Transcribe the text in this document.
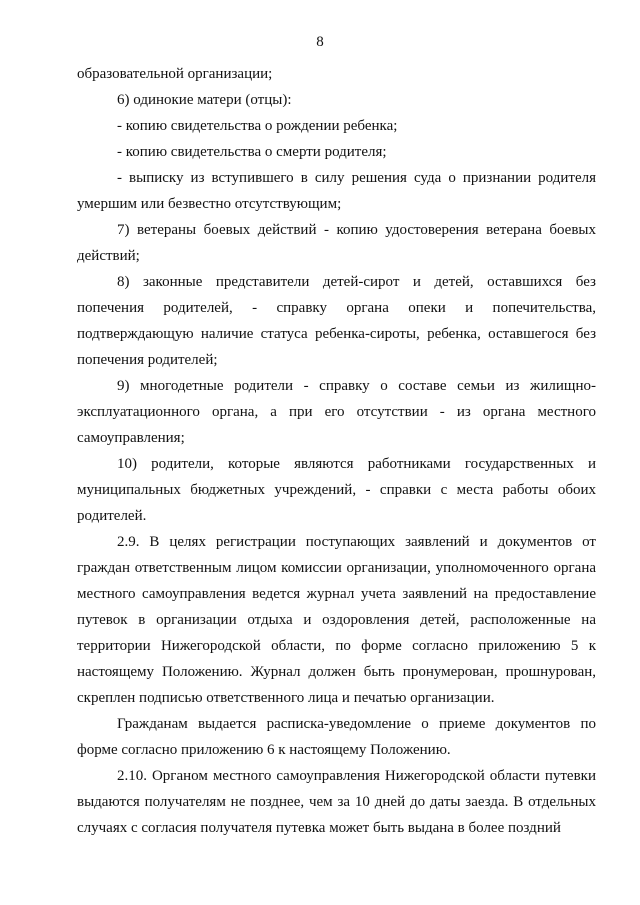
8

образовательной организации;

6) одинокие матери (отцы):

- копию свидетельства о рождении ребенка;

- копию свидетельства о смерти родителя;

- выписку из вступившего в силу решения суда о признании родителя умершим или безвестно отсутствующим;

7) ветераны боевых действий - копию удостоверения ветерана боевых действий;

8) законные представители детей-сирот и детей, оставшихся без попечения родителей, - справку органа опеки и попечительства, подтверждающую наличие статуса ребенка-сироты, ребенка, оставшегося без попечения родителей;

9) многодетные родители - справку о составе семьи из жилищно-эксплуатационного органа, а при его отсутствии - из органа местного самоуправления;

10) родители, которые являются работниками государственных и муниципальных бюджетных учреждений, - справки с места работы обоих родителей.

2.9. В целях регистрации поступающих заявлений и документов от граждан ответственным лицом комиссии организации, уполномоченного органа местного самоуправления ведется журнал учета заявлений на предоставление путевок в организации отдыха и оздоровления детей, расположенные на территории Нижегородской области, по форме согласно приложению 5 к настоящему Положению. Журнал должен быть пронумерован, прошнурован, скреплен подписью ответственного лица и печатью организации.

Гражданам выдается расписка-уведомление о приеме документов по форме согласно приложению 6 к настоящему Положению.

2.10. Органом местного самоуправления Нижегородской области путевки выдаются получателям не позднее, чем за 10 дней до даты заезда. В отдельных случаях с согласия получателя путевка может быть выдана в более поздний
